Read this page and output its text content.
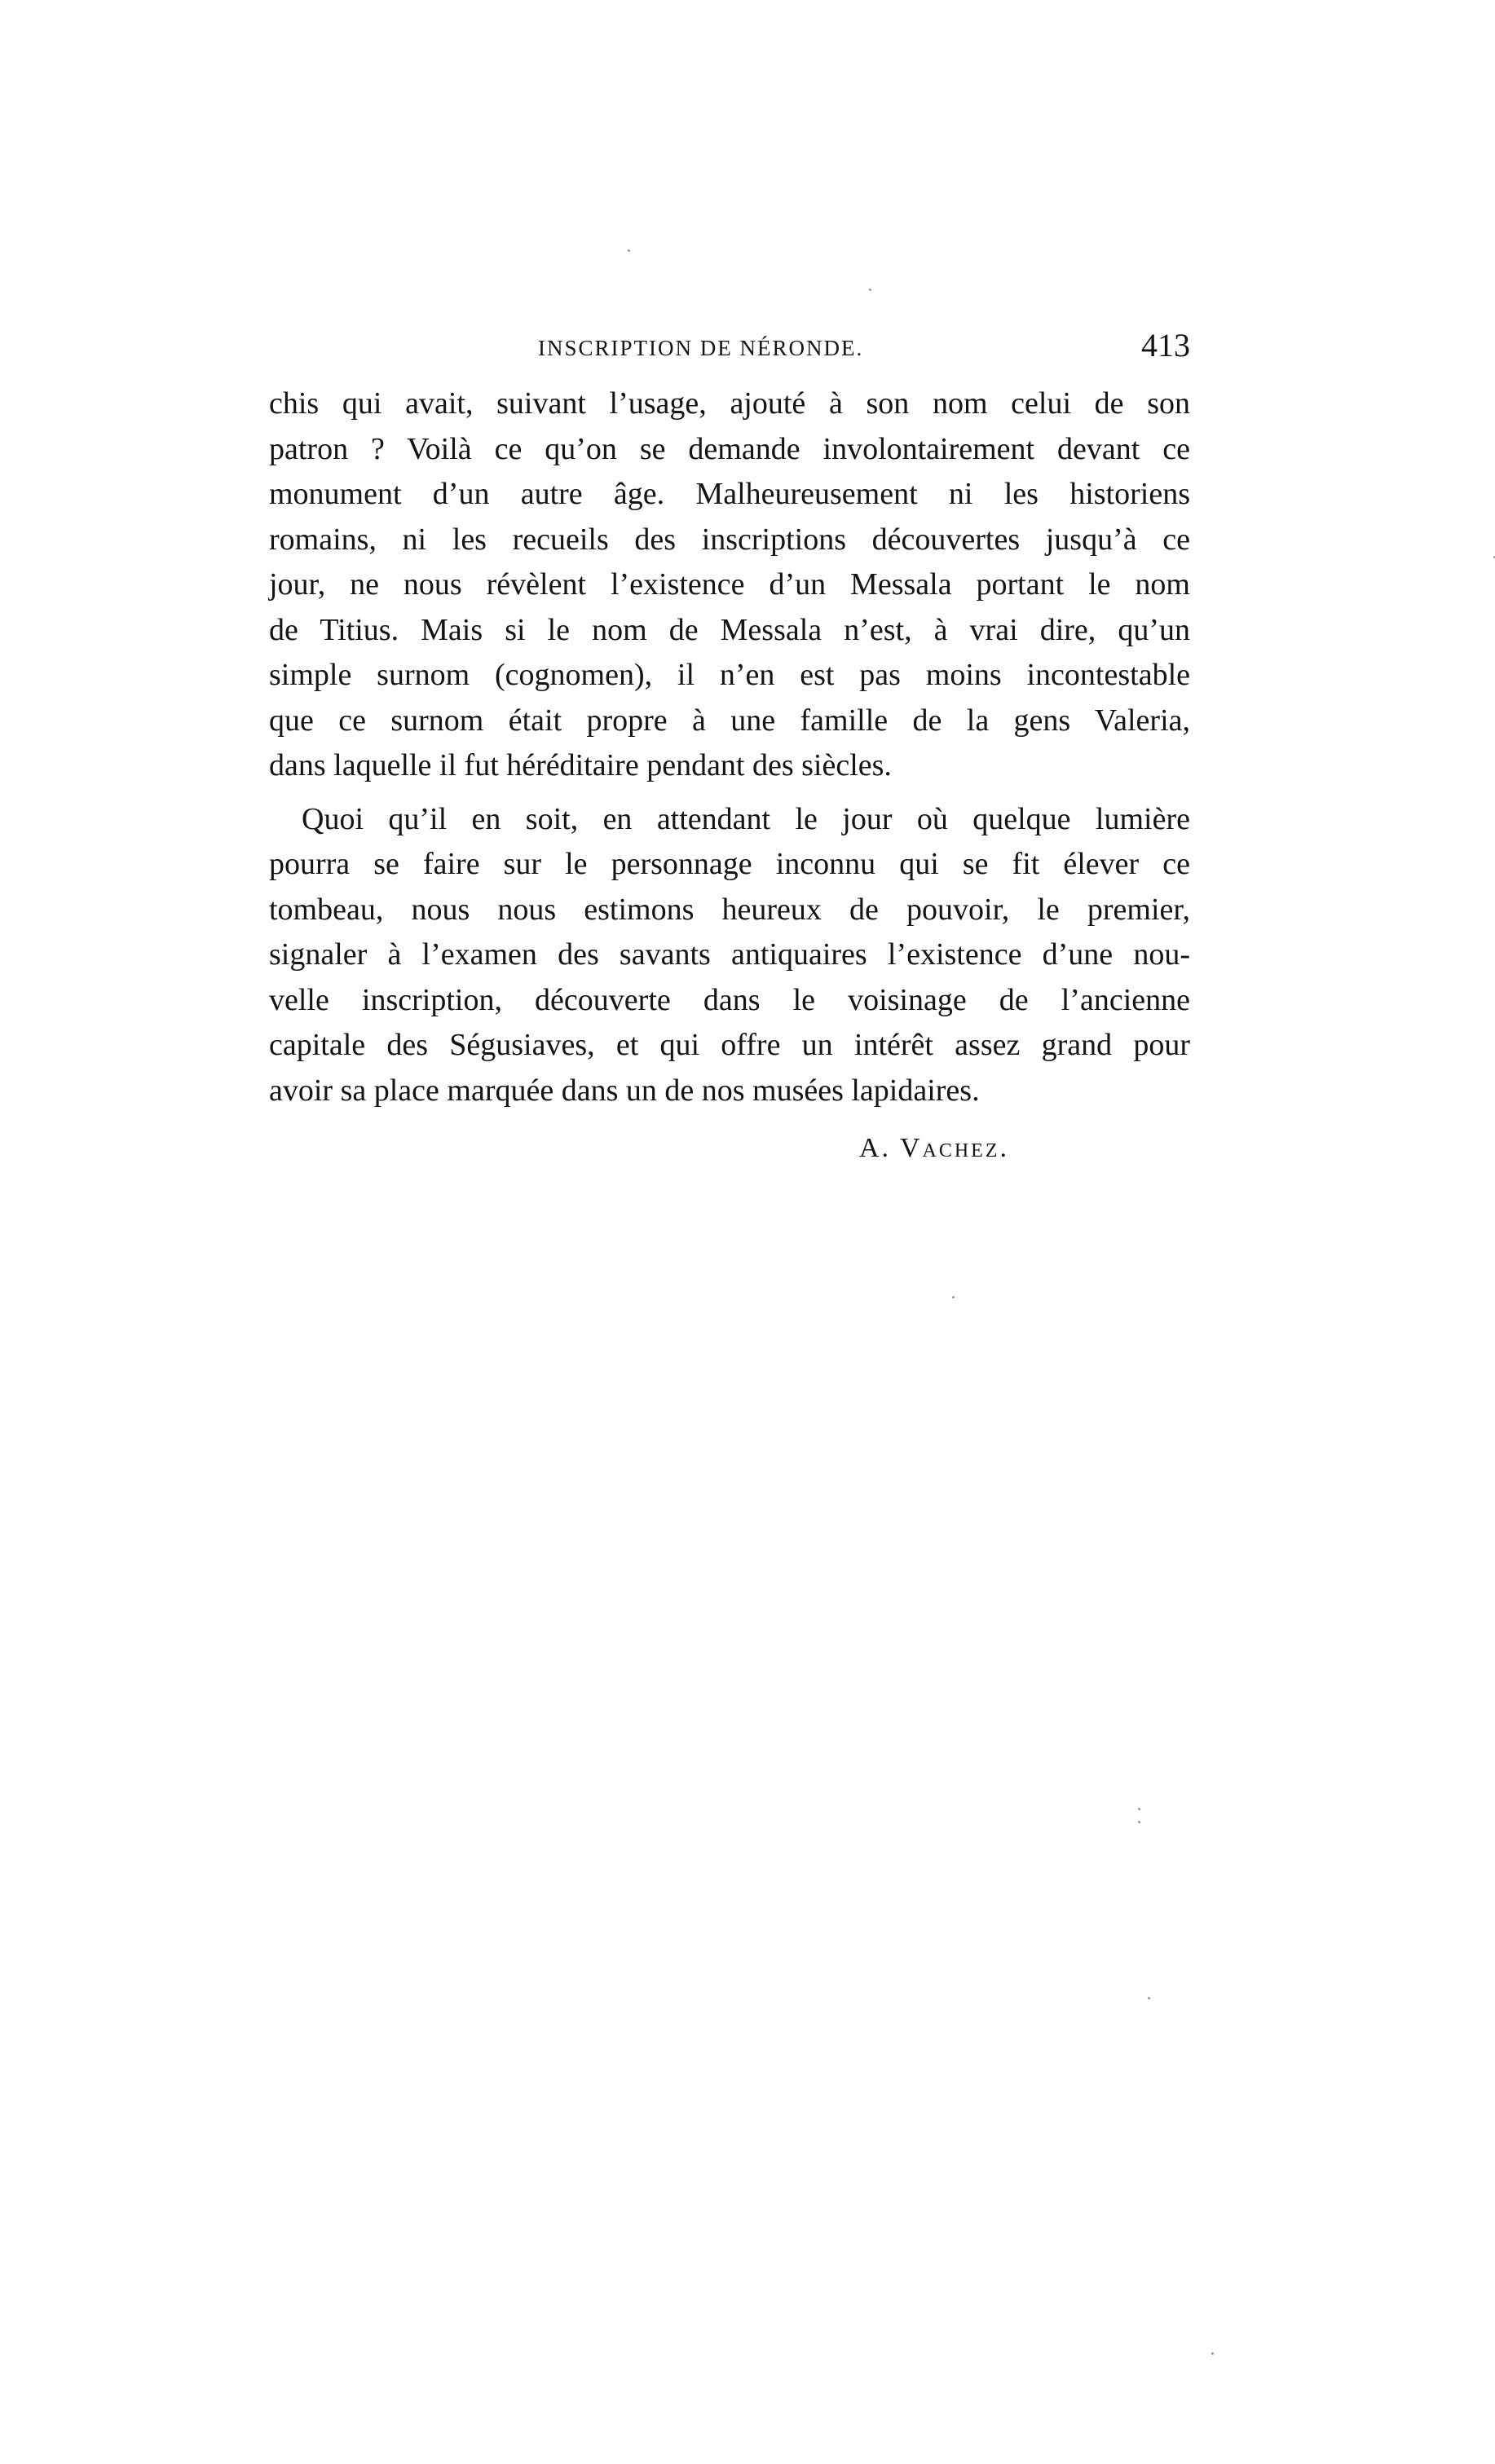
INSCRIPTION DE NÉRONDE.	413
chis qui avait, suivant l’usage, ajouté à son nom celui de son
patron ? Voilà ce qu’on se demande involontairement devant ce
monument d’un autre âge. Malheureusement ni les historiens
romains, ni les recueils des inscriptions découvertes jusqu’à ce
jour, ne nous révèlent l’existence d’un Messala portant le nom
de Titius. Mais si le nom de Messala n’est, à vrai dire, qu’un
simple surnom (cognomen), il n’en est pas moins incontestable
que ce surnom était propre à une famille de la gens Valeria,
dans laquelle il fut héréditaire pendant des siècles.
Quoi qu’il en soit, en attendant le jour où quelque lumière
pourra se faire sur le personnage inconnu qui se fit élever ce
tombeau, nous nous estimons heureux de pouvoir, le premier,
signaler à l’examen des savants antiquaires l’existence d’une nou-
velle inscription, découverte dans le voisinage de l’ancienne
capitale des Ségusiaves, et qui offre un intérêt assez grand pour
avoir sa place marquée dans un de nos musées lapidaires.
A. Vachez.
